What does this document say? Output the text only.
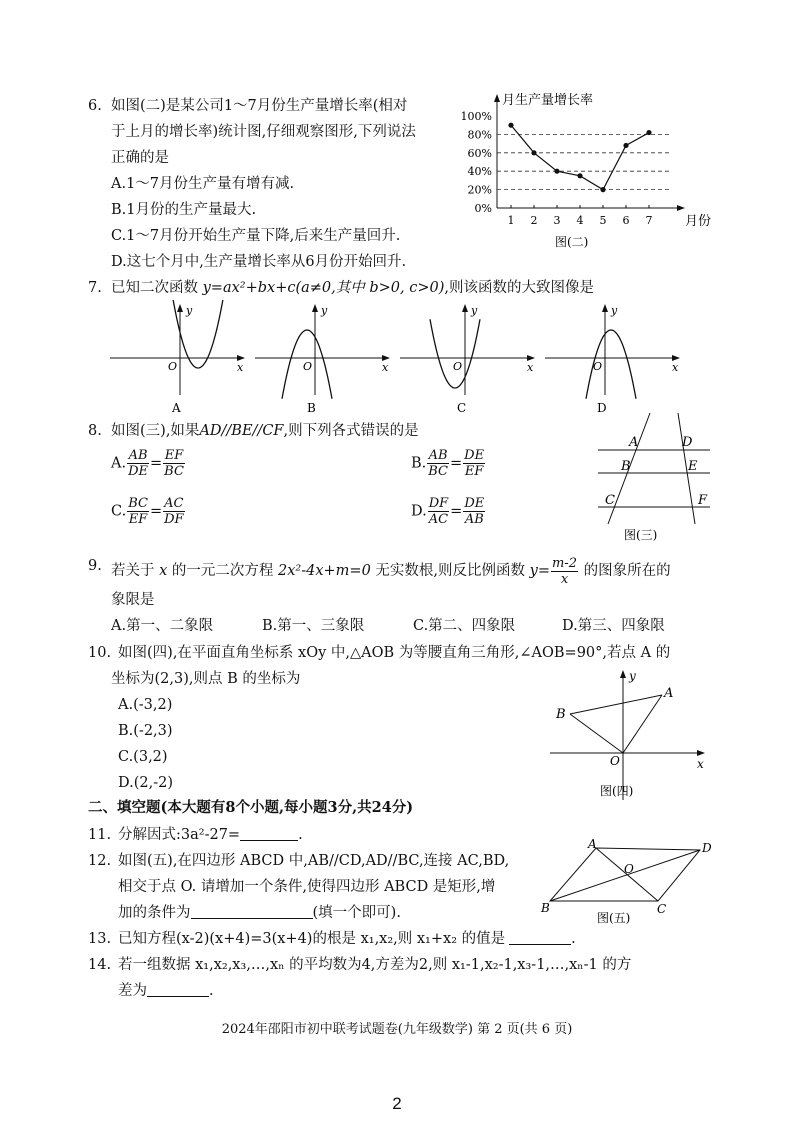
6. 如图(二)是某公司1～7月份生产量增长率(相对
于上月的增长率)统计图,仔细观察图形,下列说法
正确的是
A.1～7月份生产量有增有减.
B.1月份的生产量最大.
C.1～7月份开始生产量下降,后来生产量回升.
D.这七个月中,生产量增长率从6月份开始回升.
月生产量增长率
月份
图(二)
0%
20%
40%
60%
80%
100%
1 2 3 4 5 6 7
7. 已知二次函数 y=ax²+bx+c(a≠0,其中 b>0, c>0),则该函数的大致图像是
y
x
O
A
y
x
O
B
y
x
O
C
y
x
O
D
8. 如图(三),如果AD//BE//CF,则下列各式错误的是
A. $\frac{AB}{DE} = \frac{EF}{BC}$	B. $\frac{AB}{BC} = \frac{DE}{EF}$
C. $\frac{BC}{EF} = \frac{AC}{DF}$	D. $\frac{DF}{AC} = \frac{DE}{AB}$
A
B
C
D
E
F
图(三)
9. 若关于 x 的一元二次方程 2x²-4x+m=0 无实数根,则反比例函数 $y= \frac{m-2}{x}$ 的图象所在的
象限是
A.第一、二象限	B.第一、三象限	C.第二、四象限	D.第三、四象限
10. 如图(四),在平面直角坐标系 xOy 中,△AOB 为等腰直角三角形,∠AOB=90°,若点 A 的
坐标为(2,3),则点 B 的坐标为
A.(-3,2)
B.(-2,3)
C.(3,2)
D.(2,-2)
A
B
O	x
y
图(四)
二、填空题(本大题有8个小题,每小题3分,共24分)
11. 分解因式:3a²-27=	.
12. 如图(五),在四边形 ABCD 中,AB//CD,AD//BC,连接 AC,BD,
相交于点 O. 请增加一个条件,使得四边形 ABCD 是矩形,增
加的条件为	(填一个即可).
A
B	C
D
O
图(五)
13. 已知方程(x-2)(x+4)=3(x+4)的根是 x₁,x₂,则 x₁+x₂ 的值是	.
14. 若一组数据 x₁,x₂,x₃,…,xₙ 的平均数为4,方差为2,则 x₁-1,x₂-1,x₃-1,…,xₙ-1 的方
差为	.
2024年邵阳市初中联考试题卷(九年级数学) 第 2 页(共 6 页)
2
